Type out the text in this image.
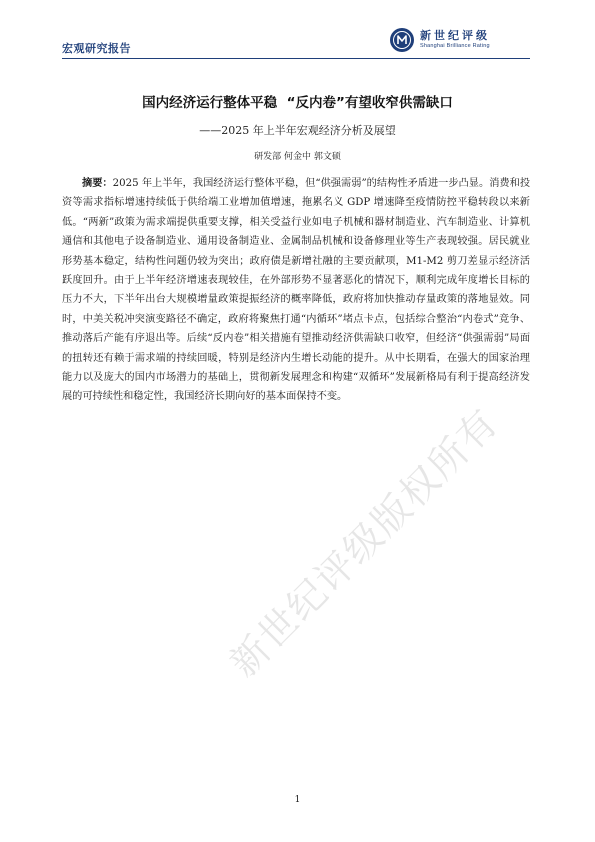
宏观研究报告
新世纪评级
Shanghai Brilliance Rating
国内经济运行整体平稳  “反内卷”有望收窄供需缺口
——2025 年上半年宏观经济分析及展望
研发部 何金中 郭文硕
摘要：2025 年上半年，我国经济运行整体平稳，但“供强需弱”的结构性矛盾进一步凸显。消费和投资等需求指标增速持续低于供给端工业增加值增速，拖累名义 GDP 增速降至疫情防控平稳转段以来新低。“两新”政策为需求端提供重要支撑，相关受益行业如电子机械和器材制造业、汽车制造业、计算机通信和其他电子设备制造业、通用设备制造业、金属制品机械和设备修理业等生产表现较强。居民就业形势基本稳定，结构性问题仍较为突出；政府债是新增社融的主要贡献项，M1-M2 剪刀差显示经济活跃度回升。由于上半年经济增速表现较佳，在外部形势不显著恶化的情况下，顺利完成年度增长目标的压力不大，下半年出台大规模增量政策提振经济的概率降低，政府将加快推动存量政策的落地显效。同时，中美关税冲突演变路径不确定，政府将聚焦打通“内循环”堵点卡点，包括综合整治“内卷式”竞争、推动落后产能有序退出等。后续“反内卷”相关措施有望推动经济供需缺口收窄，但经济“供强需弱”局面的扭转还有赖于需求端的持续回暖，特别是经济内生增长动能的提升。从中长期看，在强大的国家治理能力以及庞大的国内市场潜力的基础上，贯彻新发展理念和构建“双循环”发展新格局有利于提高经济发展的可持续性和稳定性，我国经济长期向好的基本面保持不变。
新世纪评级版权所有
1
